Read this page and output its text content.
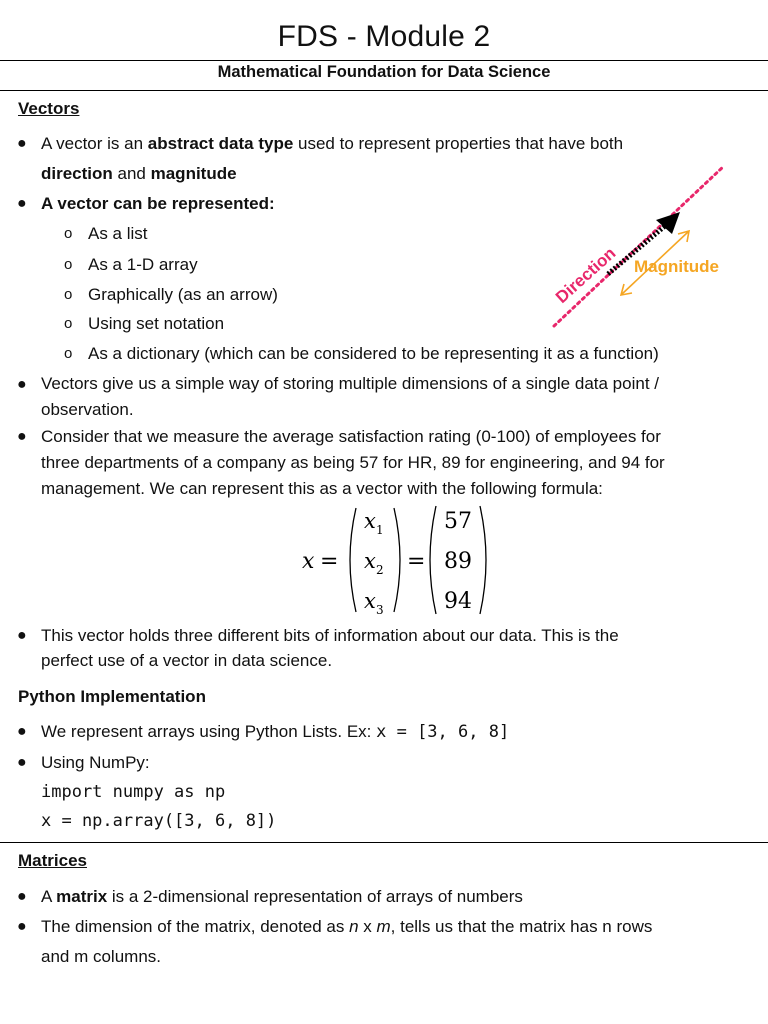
FDS - Module 2
Mathematical Foundation for Data Science
Vectors
● A vector is an abstract data type used to represent properties that have both
direction and magnitude
● A vector can be represented:
o As a list
o As a 1-D array
o Graphically (as an arrow)
o Using set notation
o As a dictionary (which can be considered to be representing it as a function)
Direction Magnitude
● Vectors give us a simple way of storing multiple dimensions of a single data point /
observation.
● Consider that we measure the average satisfaction rating (0-100) of employees for
three departments of a company as being 57 for HR, 89 for engineering, and 94 for
management. We can represent this as a vector with the following formula:
x =
x 1
x 2
x 3
=
57
89
94
● This vector holds three different bits of information about our data. This is the
perfect use of a vector in data science.
Python Implementation
● We represent arrays using Python Lists. Ex: x = [3, 6, 8]
● Using NumPy:
import numpy as np
x = np.array([3, 6, 8])
Matrices
● A matrix is a 2-dimensional representation of arrays of numbers
● The dimension of the matrix, denoted as n x m, tells us that the matrix has n rows
and m columns.
